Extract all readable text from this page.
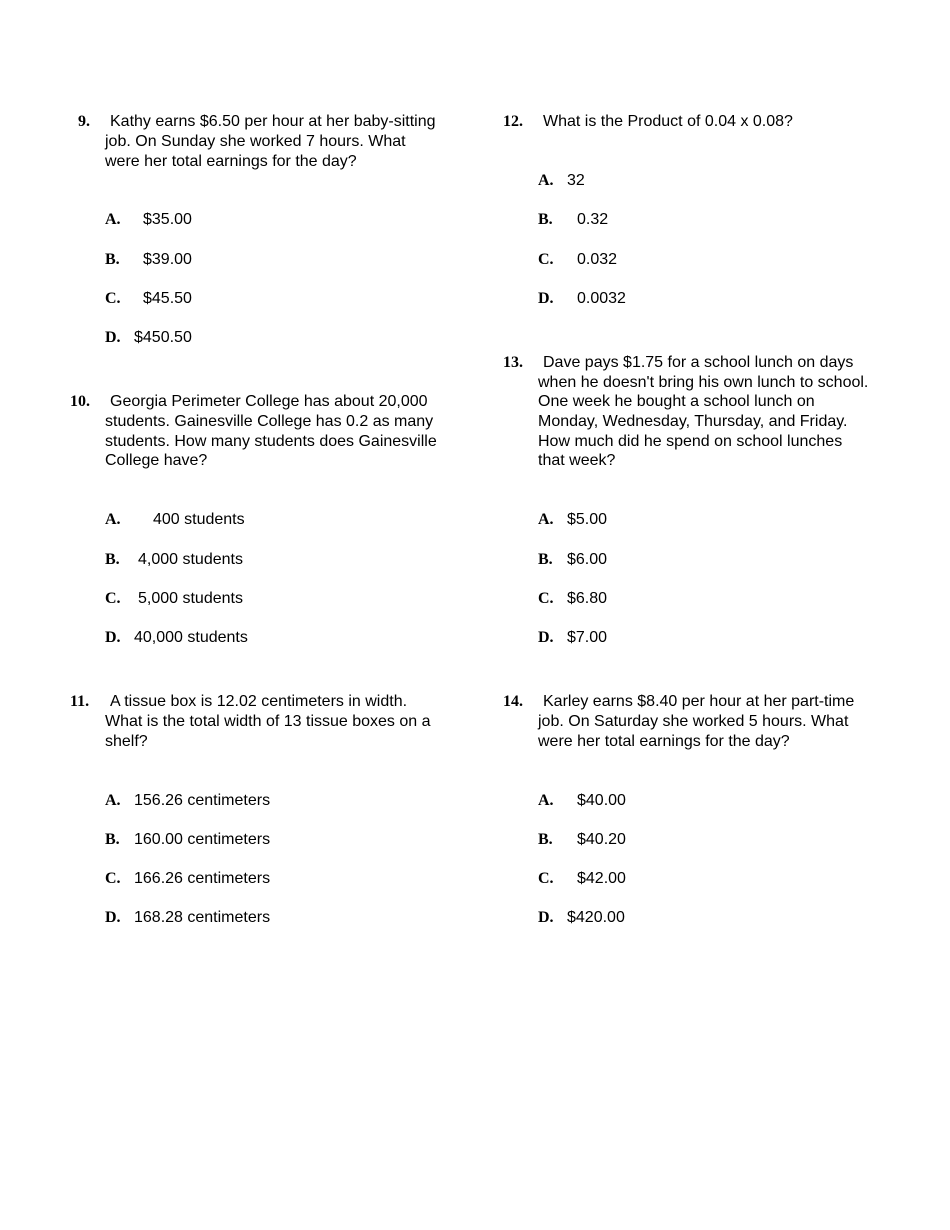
9. Kathy earns $6.50 per hour at her baby-sitting
job. On Sunday she worked 7 hours. What
were her total earnings for the day?
A. $35.00
B. $39.00
C. $45.50
D. $450.50
10. Georgia Perimeter College has about 20,000
students. Gainesville College has 0.2 as many
students. How many students does Gainesville
College have?
A. 400 students
B. 4,000 students
C. 5,000 students
D. 40,000 students
11. A tissue box is 12.02 centimeters in width.
What is the total width of 13 tissue boxes on a
shelf?
A. 156.26 centimeters
B. 160.00 centimeters
C. 166.26 centimeters
D. 168.28 centimeters
12. What is the Product of 0.04 x 0.08?
A. 32
B. 0.32
C. 0.032
D. 0.0032
13. Dave pays $1.75 for a school lunch on days
when he doesn't bring his own lunch to school.
One week he bought a school lunch on
Monday, Wednesday, Thursday, and Friday.
How much did he spend on school lunches
that week?
A. $5.00
B. $6.00
C. $6.80
D. $7.00
14. Karley earns $8.40 per hour at her part-time
job. On Saturday she worked 5 hours. What
were her total earnings for the day?
A. $40.00
B. $40.20
C. $42.00
D. $420.00
